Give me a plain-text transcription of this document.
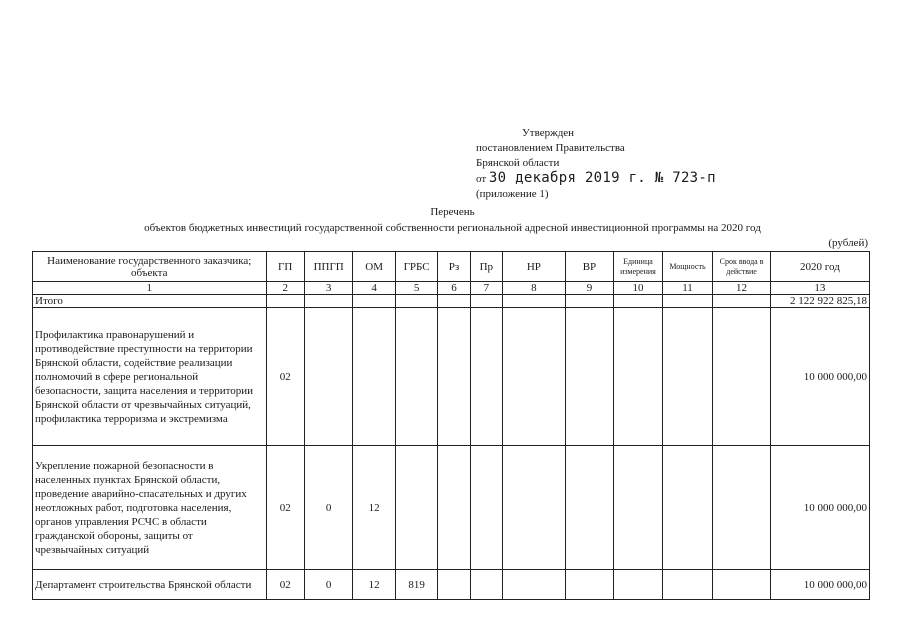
Утвержден
постановлением Правительства
Брянской области
от 30 декабря 2019 г. № 723-п
(приложение 1)
Перечень
объектов бюджетных инвестиций государственной собственности региональной адресной инвестиционной программы на 2020 год
(рублей)
Наименование государственного заказчика; объекта	ГП	ППГП	ОМ	ГРБС	Рз	Пр	НР	ВР	Единица измерения	Мощность	Срок ввода в действие	2020 год
1	2	3	4	5	6	7	8	9	10	11	12	13
Итого												2 122 922 825,18
Профилактика правонарушений и противодействие преступности на территории Брянской области, содействие реализации полномочий в сфере региональной безопасности, защита населения и территории Брянской области от чрезвычайных ситуаций, профилактика терроризма и экстремизма	02											10 000 000,00
Укрепление пожарной безопасности в населенных пунктах Брянской области, проведение аварийно-спасательных и других неотложных работ, подготовка населения, органов управления РСЧС в области гражданской обороны, защиты от чрезвычайных ситуаций	02	0	12									10 000 000,00
Департамент строительства Брянской области	02	0	12	819								10 000 000,00
